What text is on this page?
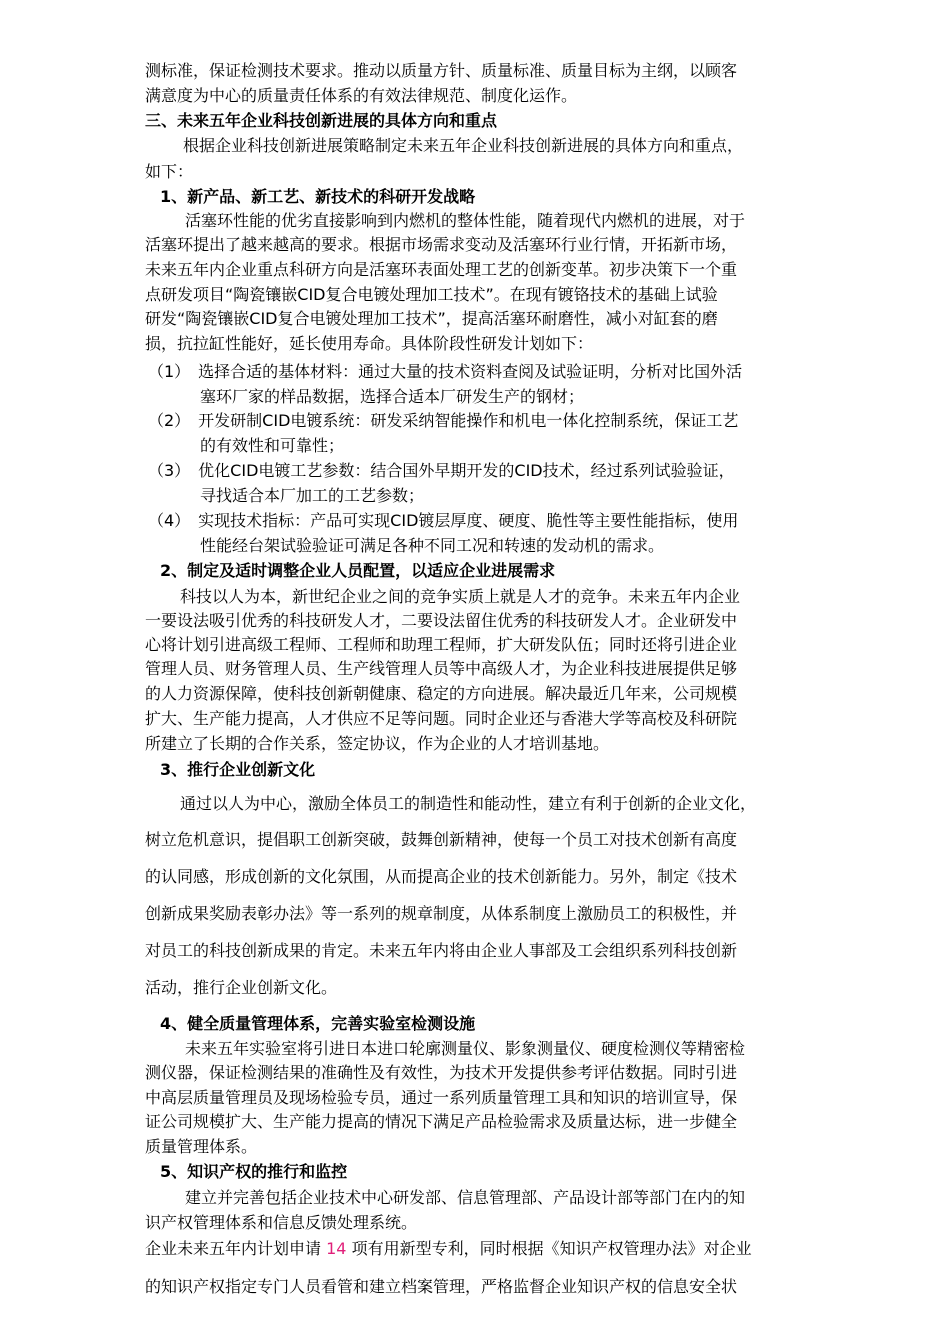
测标准，保证检测技术要求。推动以质量方针、质量标准、质量目标为主纲，以顾客
满意度为中心的质量责任体系的有效法律规范、制度化运作。
三、未来五年企业科技创新进展的具体方向和重点
根据企业科技创新进展策略制定未来五年企业科技创新进展的具体方向和重点，
如下：
1、新产品、新工艺、新技术的科研开发战略
活塞环性能的优劣直接影响到内燃机的整体性能，随着现代内燃机的进展，对于
活塞环提出了越来越高的要求。根据市场需求变动及活塞环行业行情，开拓新市场，
未来五年内企业重点科研方向是活塞环表面处理工艺的创新变革。初步决策下一个重
点研发项目“陶瓷镶嵌CID复合电镀处理加工技术”。在现有镀铬技术的基础上试验
研发“陶瓷镶嵌CID复合电镀处理加工技术”，提高活塞环耐磨性，减小对缸套的磨
损，抗拉缸性能好，延长使用寿命。具体阶段性研发计划如下：
（1）　选择合适的基体材料：通过大量的技术资料查阅及试验证明，分析对比国外活
塞环厂家的样品数据，选择合适本厂研发生产的钢材；
（2）　开发研制CID电镀系统：研发采纳智能操作和机电一体化控制系统，保证工艺
的有效性和可靠性；
（3）　优化CID电镀工艺参数：结合国外早期开发的CID技术，经过系列试验验证，
寻找适合本厂加工的工艺参数；
（4）　实现技术指标：产品可实现CID镀层厚度、硬度、脆性等主要性能指标，使用
性能经台架试验验证可满足各种不同工况和转速的发动机的需求。
2、制定及适时调整企业人员配置，以适应企业进展需求
科技以人为本，新世纪企业之间的竞争实质上就是人才的竞争。未来五年内企业
一要设法吸引优秀的科技研发人才，二要设法留住优秀的科技研发人才。企业研发中
心将计划引进高级工程师、工程师和助理工程师，扩大研发队伍；同时还将引进企业
管理人员、财务管理人员、生产线管理人员等中高级人才，为企业科技进展提供足够
的人力资源保障，使科技创新朝健康、稳定的方向进展。解决最近几年来，公司规模
扩大、生产能力提高，人才供应不足等问题。同时企业还与香港大学等高校及科研院
所建立了长期的合作关系，签定协议，作为企业的人才培训基地。
3、推行企业创新文化
通过以人为中心，激励全体员工的制造性和能动性，建立有利于创新的企业文化，
树立危机意识，提倡职工创新突破，鼓舞创新精神，使每一个员工对技术创新有高度
的认同感，形成创新的文化氛围，从而提高企业的技术创新能力。另外，制定《技术
创新成果奖励表彰办法》等一系列的规章制度，从体系制度上激励员工的积极性，并
对员工的科技创新成果的肯定。未来五年内将由企业人事部及工会组织系列科技创新
活动，推行企业创新文化。
4、健全质量管理体系，完善实验室检测设施
未来五年实验室将引进日本进口轮廓测量仪、影象测量仪、硬度检测仪等精密检
测仪器，保证检测结果的准确性及有效性，为技术开发提供参考评估数据。同时引进
中高层质量管理员及现场检验专员，通过一系列质量管理工具和知识的培训宣导，保
证公司规模扩大、生产能力提高的情况下满足产品检验需求及质量达标，进一步健全
质量管理体系。
5、知识产权的推行和监控
建立并完善包括企业技术中心研发部、信息管理部、产品设计部等部门在内的知
识产权管理体系和信息反馈处理系统。
企业未来五年内计划申请 14 项有用新型专利，同时根据《知识产权管理办法》对企业
的知识产权指定专门人员看管和建立档案管理，严格监督企业知识产权的信息安全状
